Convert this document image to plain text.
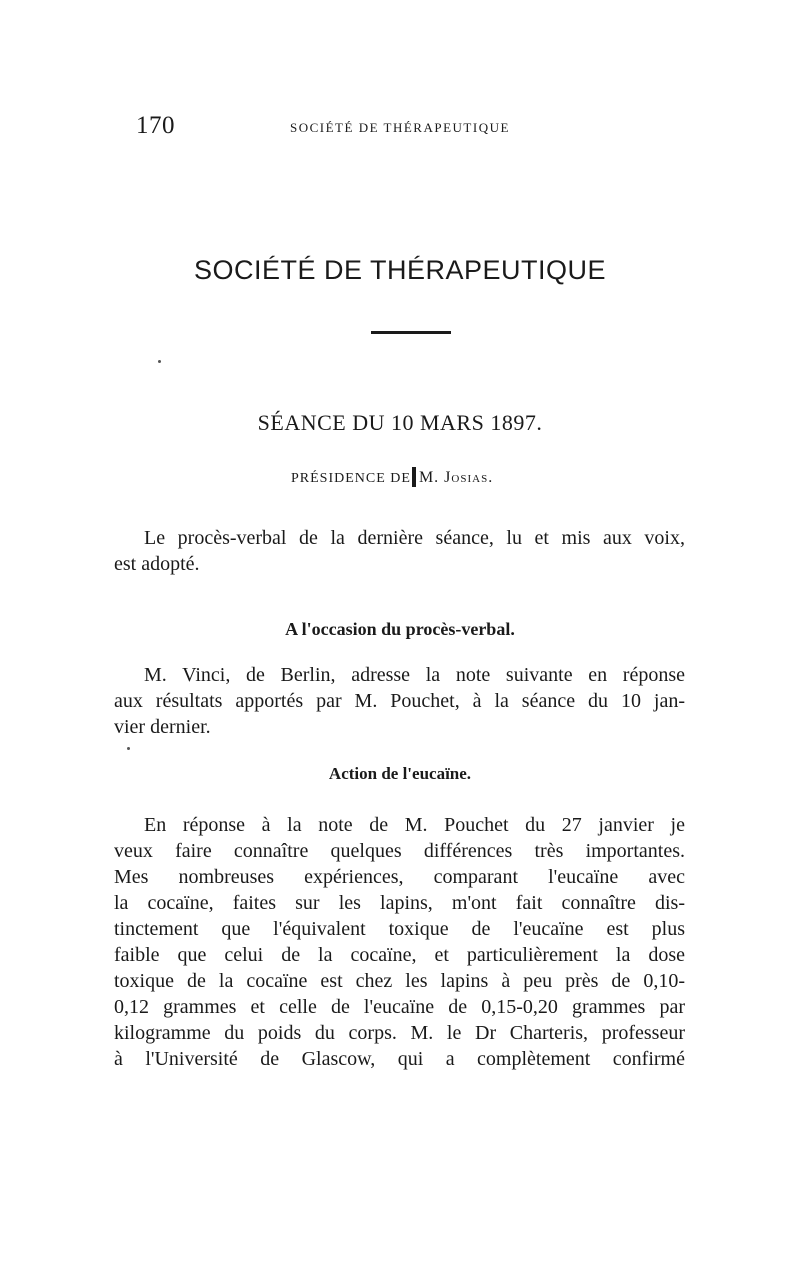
170	SOCIÉTÉ DE THÉRAPEUTIQUE
SOCIÉTÉ DE THÉRAPEUTIQUE
SÉANCE DU 10 MARS 1897.
PRÉSIDENCE DE M. Josias.
Le procès-verbal de la dernière séance, lu et mis aux voix,
est adopté.
A l'occasion du procès-verbal.
M. Vinci, de Berlin, adresse la note suivante en réponse
aux résultats apportés par M. Pouchet, à la séance du 10 jan-
vier dernier.
Action de l'eucaïne.
En réponse à la note de M. Pouchet du 27 janvier je
veux faire connaître quelques différences très importantes.
Mes nombreuses expériences, comparant l'eucaïne avec
la cocaïne, faites sur les lapins, m'ont fait connaître dis-
tinctement que l'équivalent toxique de l'eucaïne est plus
faible que celui de la cocaïne, et particulièrement la dose
toxique de la cocaïne est chez les lapins à peu près de 0,10-
0,12 grammes et celle de l'eucaïne de 0,15-0,20 grammes par
kilogramme du poids du corps. M. le Dr Charteris, professeur
à l'Université de Glascow, qui a complètement confirmé
